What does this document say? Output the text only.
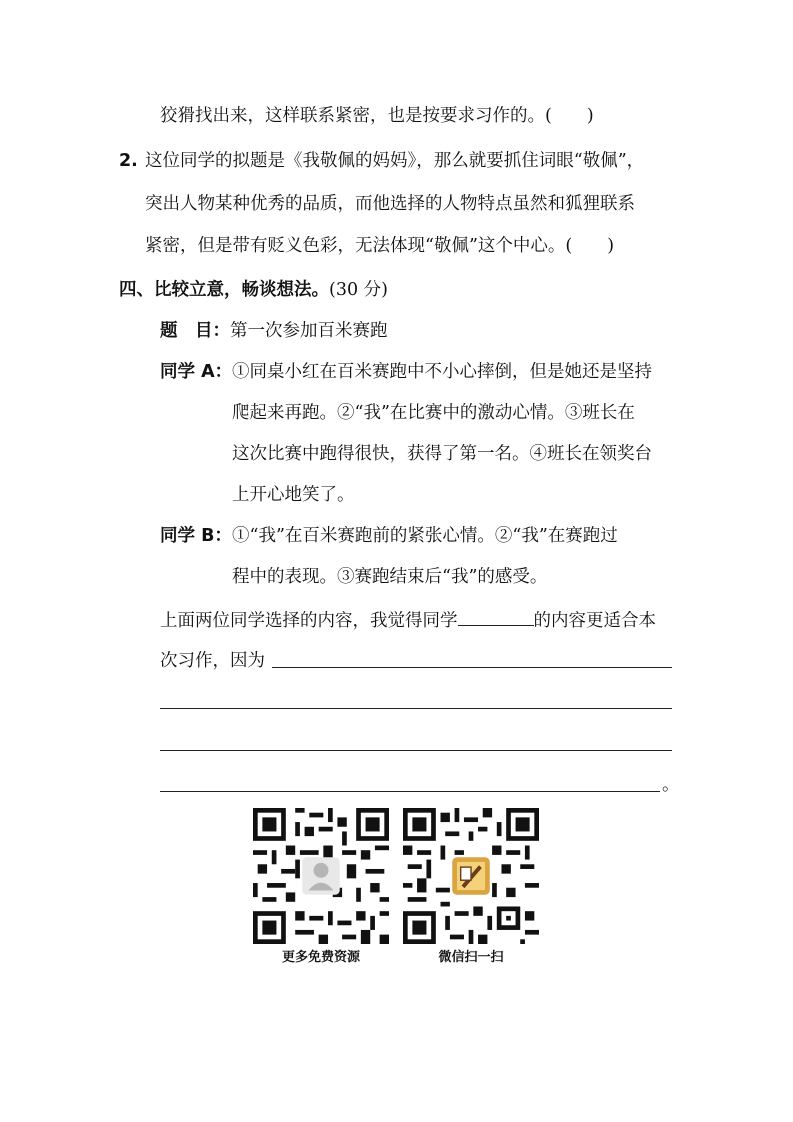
狡猾找出来，这样联系紧密，也是按要求习作的。(　　)
2. 这位同学的拟题是《我敬佩的妈妈》，那么就要抓住词眼“敬佩”，
突出人物某种优秀的品质，而他选择的人物特点虽然和狐狸联系
紧密，但是带有贬义色彩，无法体现“敬佩”这个中心。(　　)
四、比较立意，畅谈想法。(30 分)
题　目：第一次参加百米赛跑
同学 A： ①同桌小红在百米赛跑中不小心摔倒，但是她还是坚持
爬起来再跑。②“我”在比赛中的激动心情。③班长在
这次比赛中跑得很快，获得了第一名。④班长在领奖台
上开心地笑了。
同学 B： ①“我”在百米赛跑前的紧张心情。②“我”在赛跑过
程中的表现。③赛跑结束后“我”的感受。
上面两位同学选择的内容，我觉得同学	的内容更适合本
次习作，因为
。
更多免费资源	微信扫一扫
